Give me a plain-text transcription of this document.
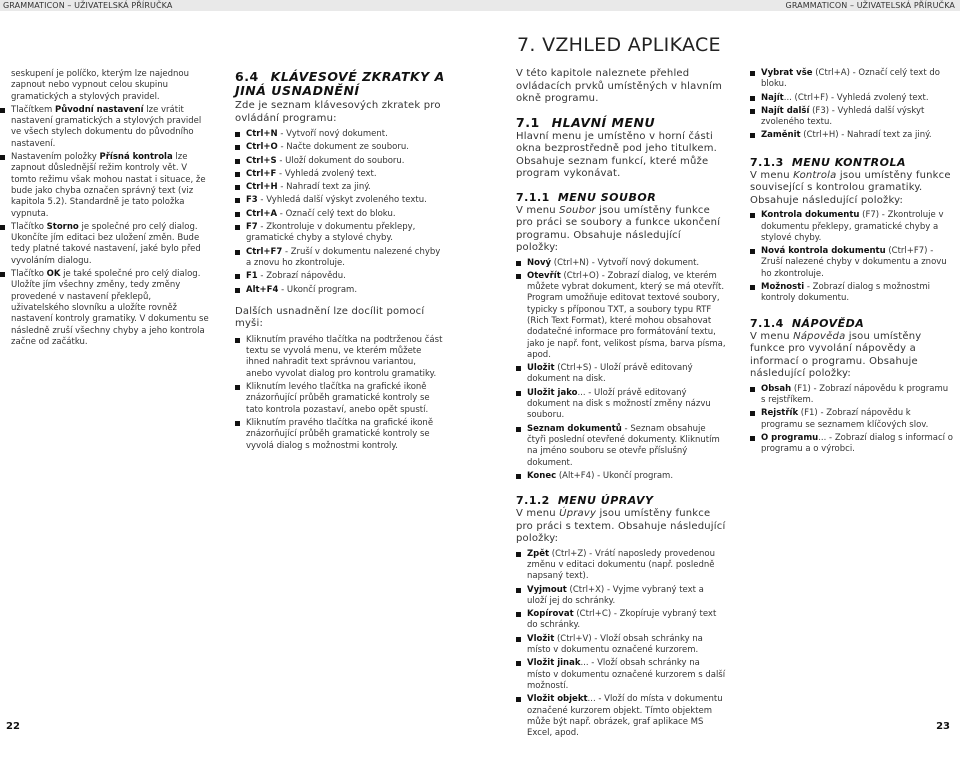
GRAMMATICON – UŽIVATELSKÁ PŘÍRUČKA	GRAMMATICON – UŽIVATELSKÁ PŘÍRUČKA
7. VZHLED APLIKACE

seskupení je políčko, kterým lze najednou zapnout nebo vypnout celou skupinu gramatických a stylových pravidel.

Tlačítkem Původní nastavení lze vrátit nastavení gramatických a stylových pravidel ve všech stylech dokumentu do původního nastavení.
Nastavením položky Přísná kontrola lze zapnout důslednější režim kontroly vět. V tomto režimu však mohou nastat i situace, že bude jako chyba označen správný text (viz kapitola 5.2). Standardně je tato položka vypnuta.
Tlačítko Storno je společné pro celý dialog. Ukončíte jím editaci bez uložení změn. Bude tedy platné takové nastavení, jaké bylo před vyvoláním dialogu.
Tlačítko OK je také společné pro celý dialog. Uložíte jím všechny změny, tedy změny provedené v nastavení překlepů, uživatelského slovníku a uložíte rovněž nastavení kontroly gramatiky. V dokumentu se následně zruší všechny chyby a jeho kontrola začne od začátku.
6.4 KLÁVESOVÉ ZKRATKY A JINÁ USNADNĚNÍ

Zde je seznam klávesových zkratek pro ovládání programu:

Ctrl+N - Vytvoří nový dokument.
Ctrl+O - Načte dokument ze souboru.
Ctrl+S - Uloží dokument do souboru.
Ctrl+F - Vyhledá zvolený text.
Ctrl+H - Nahradí text za jiný.
F3 - Vyhledá další výskyt zvoleného textu.
Ctrl+A - Označí celý text do bloku.
F7 - Zkontroluje v dokumentu překlepy, gramatické chyby a stylové chyby.
Ctrl+F7 - Zruší v dokumentu nalezené chyby a znovu ho zkontroluje.
F1 - Zobrazí nápovědu.
Alt+F4 - Ukončí program.

Dalších usnadnění lze docílit pomocí myši:

Kliknutím pravého tlačítka na podtrženou část textu se vyvolá menu, ve kterém můžete ihned nahradit text správnou variantou, anebo vyvolat dialog pro kontrolu gramatiky.
Kliknutím levého tlačítka na grafické ikoně znázorňující průběh gramatické kontroly se tato kontrola pozastaví, anebo opět spustí.
Kliknutím pravého tlačítka na grafické ikoně znázorňující průběh gramatické kontroly se vyvolá dialog s možnostmi kontroly.

V této kapitole naleznete přehled ovládacích prvků umístěných v hlavním okně programu.

7.1 HLAVNÍ MENU

Hlavní menu je umístěno v horní části okna bezprostředně pod jeho titulkem. Obsahuje seznam funkcí, které může program vykonávat.

7.1.1 MENU SOUBOR

V menu Soubor jsou umístěny funkce pro práci se soubory a funkce ukončení programu. Obsahuje následující položky:

Nový (Ctrl+N) - Vytvoří nový dokument.
Otevřít (Ctrl+O) - Zobrazí dialog, ve kterém můžete vybrat dokument, který se má otevřít. Program umožňuje editovat textové soubory, typicky s příponou TXT, a soubory typu RTF (Rich Text Format), které mohou obsahovat dodatečné informace pro formátování textu, jako je např. font, velikost písma, barva písma, apod.
Uložit (Ctrl+S) - Uloží právě editovaný dokument na disk.
Uložit jako... - Uloží právě editovaný dokument na disk s možností změny názvu souboru.
Seznam dokumentů - Seznam obsahuje čtyři poslední otevřené dokumenty. Kliknutím na jméno souboru se otevře příslušný dokument.
Konec (Alt+F4) - Ukončí program.
7.1.2 MENU ÚPRAVY

V menu Úpravy jsou umístěny funkce pro práci s textem. Obsahuje následující položky:

Zpět (Ctrl+Z) - Vrátí naposledy provedenou změnu v editaci dokumentu (např. posledně napsaný text).
Vyjmout (Ctrl+X) - Vyjme vybraný text a uloží jej do schránky.
Kopírovat (Ctrl+C) - Zkopíruje vybraný text do schránky.
Vložit (Ctrl+V) - Vloží obsah schránky na místo v dokumentu označené kurzorem.
Vložit jinak... - Vloží obsah schránky na místo v dokumentu označené kurzorem s další možností.
Vložit objekt... - Vloží do místa v dokumentu označené kurzorem objekt. Tímto objektem může být např. obrázek, graf aplikace MS Excel, apod.
Vybrat vše (Ctrl+A) - Označí celý text do bloku.
Najít... (Ctrl+F) - Vyhledá zvolený text.
Najít další (F3) - Vyhledá další výskyt zvoleného textu.
Zaměnit (Ctrl+H) - Nahradí text za jiný.
7.1.3 MENU KONTROLA

V menu Kontrola jsou umístěny funkce související s kontrolou gramatiky. Obsahuje následující položky:

Kontrola dokumentu (F7) - Zkontroluje v dokumentu překlepy, gramatické chyby a stylové chyby.
Nová kontrola dokumentu (Ctrl+F7) - Zruší nalezené chyby v dokumentu a znovu ho zkontroluje.
Možnosti - Zobrazí dialog s možnostmi kontroly dokumentu.
7.1.4 NÁPOVĚDA

V menu Nápověda jsou umístěny funkce pro vyvolání nápovědy a informací o programu. Obsahuje následující položky:

Obsah (F1) - Zobrazí nápovědu k programu s rejstříkem.
Rejstřík (F1) - Zobrazí nápovědu k programu se seznamem klíčových slov.
O programu... - Zobrazí dialog s informací o programu a o výrobci.
22	23
